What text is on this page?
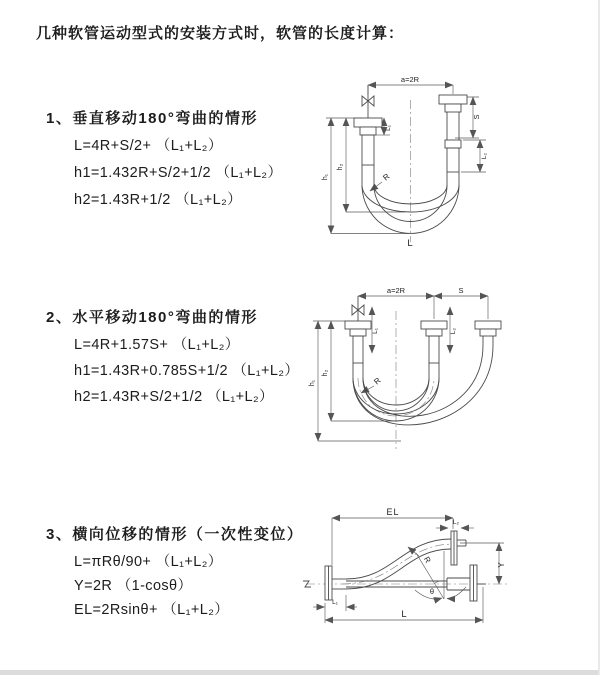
几种软管运动型式的安装方式时，软管的长度计算：
1、垂直移动180°弯曲的情形
L=4R+S/2+ （L₁+L₂）
h1=1.432R+S/2+1/2 （L₁+L₂）
h2=1.43R+1/2 （L₁+L₂）
2、水平移动180°弯曲的情形
L=4R+1.57S+ （L₁+L₂）
h1=1.43R+0.785S+1/2 （L₁+L₂）
h2=1.43R+S/2+1/2 （L₁+L₂）
3、横向位移的情形（一次性变位）
L=πRθ/90+ （L₁+L₂）
Y=2R （1-cosθ）
EL=2Rsinθ+ （L₁+L₂）
a=2R
h₁
h₂
L₁
S
L₂
R
L
a=2R	S
h₁
h₂
L₁	L₂
R
EL
L₂
Y
R
θ
L₁
L
